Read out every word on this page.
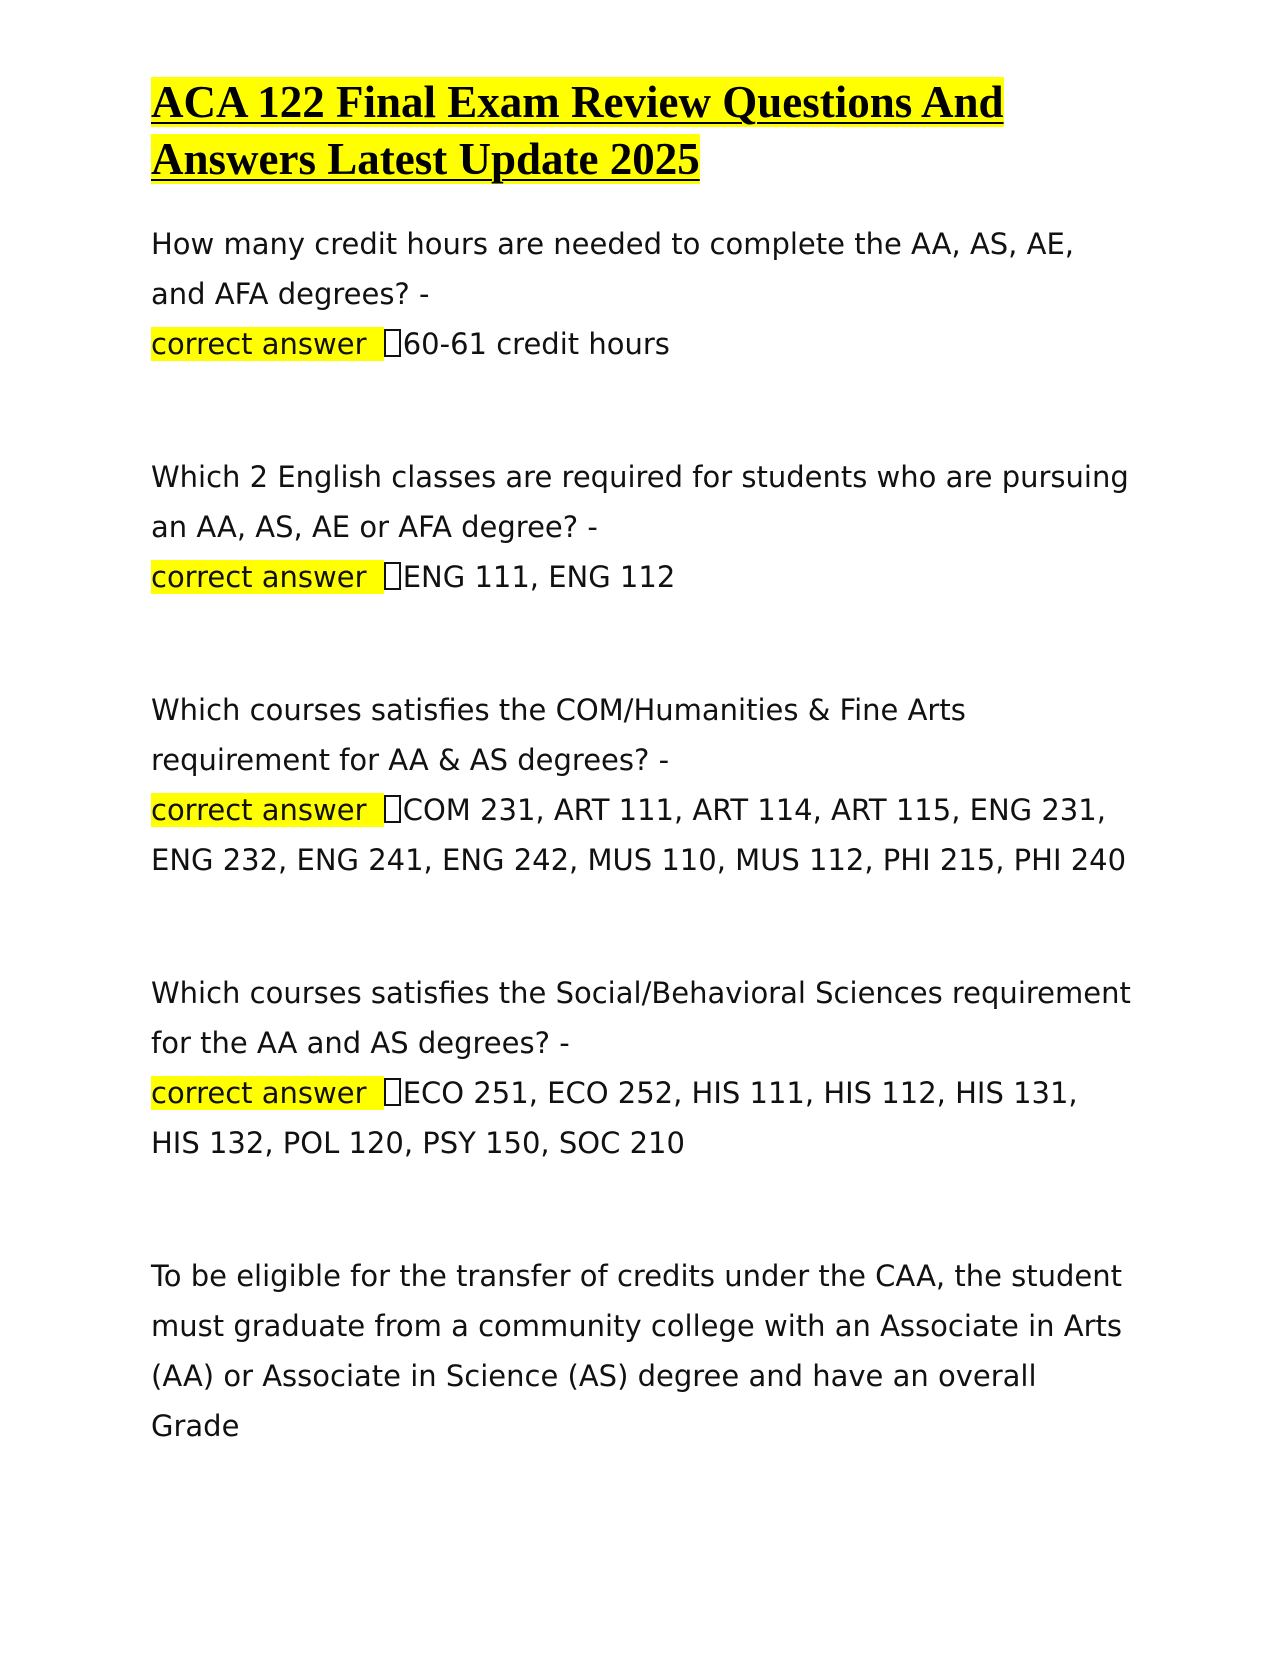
ACA 122 Final Exam Review Questions And
Answers Latest Update 2025

How many credit hours are needed to complete the AA, AS, AE, and AFA degrees? -

correct answer 60-61 credit hours

Which 2 English classes are required for students who are pursuing an AA, AS, AE or AFA degree? -

correct answer ENG 111, ENG 112

Which courses satisfies the COM/Humanities & Fine Arts requirement for AA & AS degrees? -

correct answer COM 231, ART 111, ART 114, ART 115, ENG 231, ENG 232, ENG 241, ENG 242, MUS 110, MUS 112, PHI 215, PHI 240

Which courses satisfies the Social/Behavioral Sciences requirement for the AA and AS degrees? -

correct answer ECO 251, ECO 252, HIS 111, HIS 112, HIS 131, HIS 132, POL 120, PSY 150, SOC 210

To be eligible for the transfer of credits under the CAA, the student must graduate from a community college with an Associate in Arts (AA) or Associate in Science (AS) degree and have an overall Grade
